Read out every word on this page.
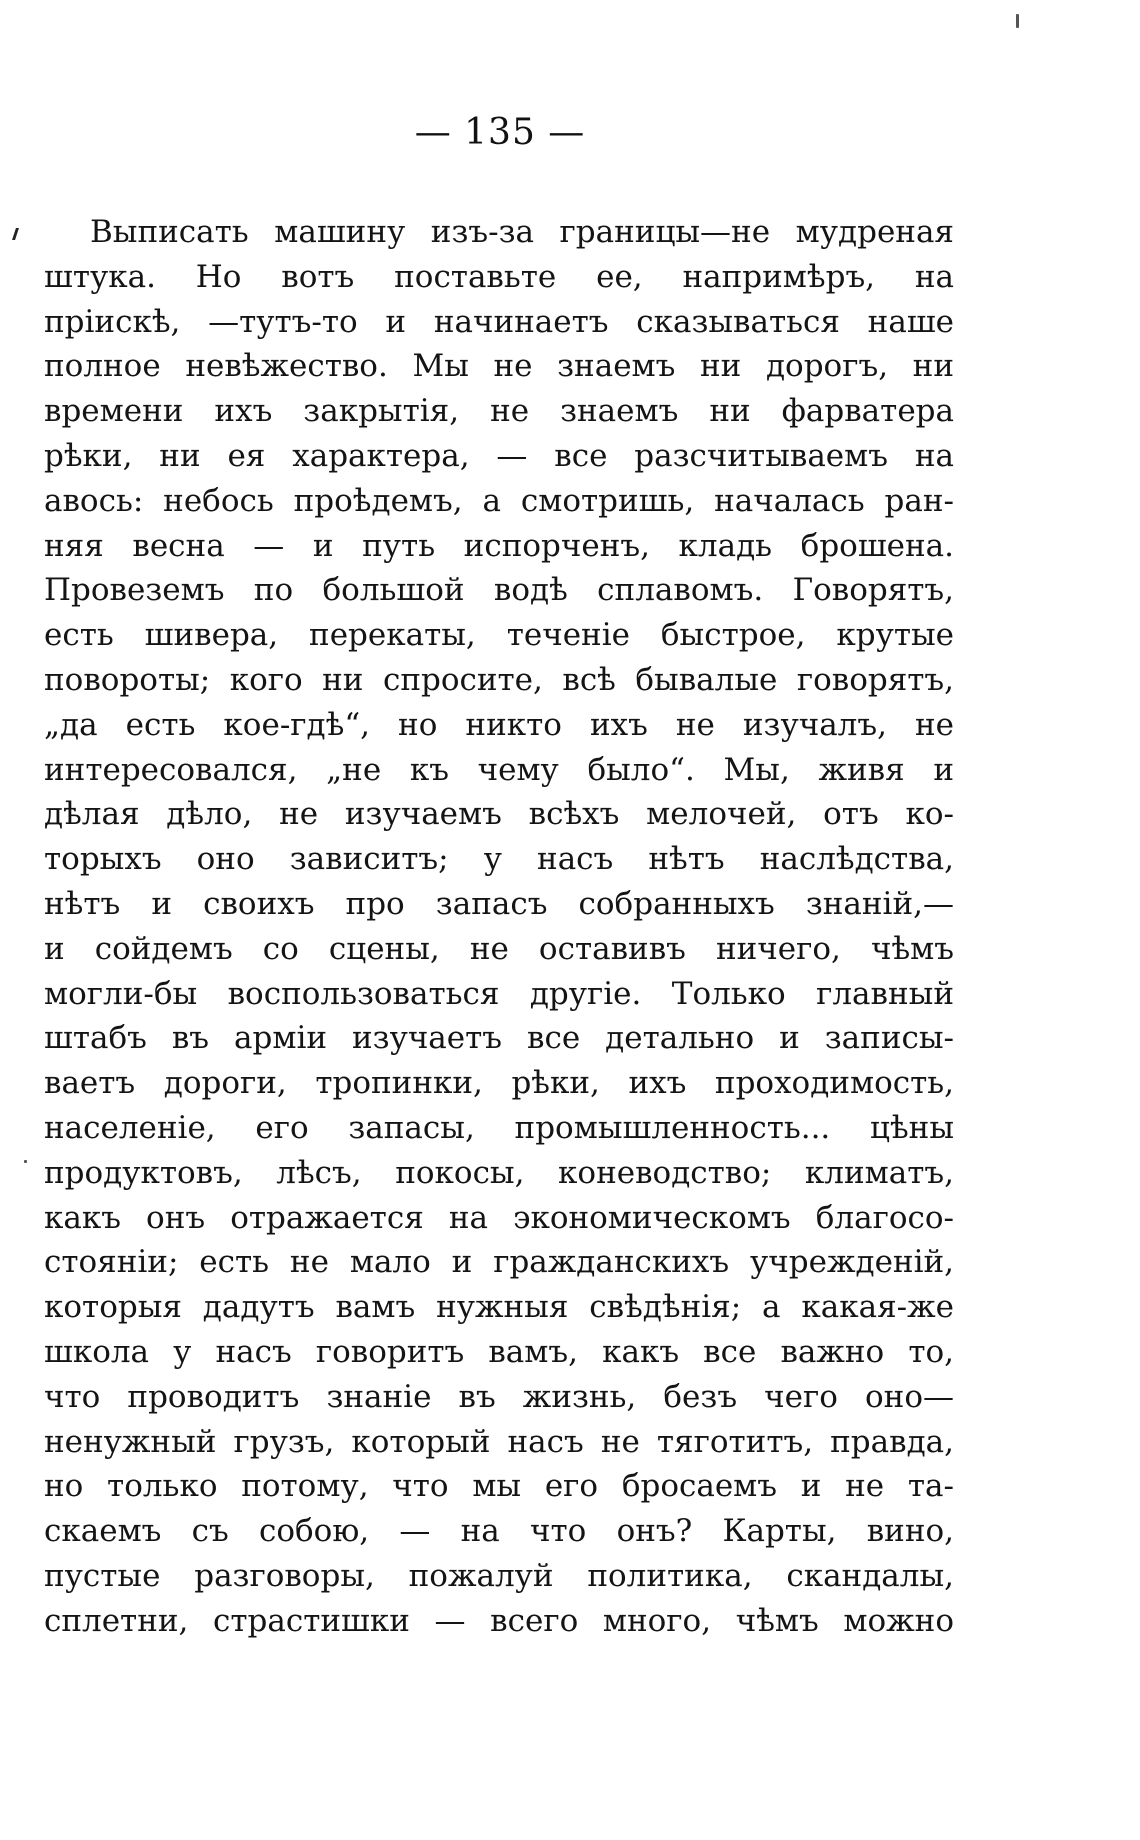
— 135 —
Выписать машину изъ-за границы—не мудреная
штука. Но вотъ поставьте ее, напримѣръ, на
пріискѣ, —тутъ-то и начинаетъ сказываться наше
полное невѣжество. Мы не знаемъ ни дорогъ, ни
времени ихъ закрытія, не знаемъ ни фарватера
рѣки, ни ея характера, — все разсчитываемъ на
авось: небось проѣдемъ, а смотришь, началась ран-
няя весна — и путь испорченъ, кладь брошена.
Провеземъ по большой водѣ сплавомъ. Говорятъ,
есть шивера, перекаты, теченіе быстрое, крутые
повороты; кого ни спросите, всѣ бывалые говорятъ,
„да есть кое-гдѣ“, но никто ихъ не изучалъ, не
интересовался, „не къ чему было“. Мы, живя и
дѣлая дѣло, не изучаемъ всѣхъ мелочей, отъ ко-
торыхъ оно зависитъ; у насъ нѣтъ наслѣдства,
нѣтъ и своихъ про запасъ собранныхъ знаній,—
и сойдемъ со сцены, не оставивъ ничего, чѣмъ
могли-бы воспользоваться другіе. Только главный
штабъ въ арміи изучаетъ все детально и записы-
ваетъ дороги, тропинки, рѣки, ихъ проходимость,
населеніе, его запасы, промышленность... цѣны
продуктовъ, лѣсъ, покосы, коневодство; климатъ,
какъ онъ отражается на экономическомъ благосо-
стояніи; есть не мало и гражданскихъ учрежденій,
которыя дадутъ вамъ нужныя свѣдѣнія; а какая-же
школа у насъ говоритъ вамъ, какъ все важно то,
что проводитъ знаніе въ жизнь, безъ чего оно—
ненужный грузъ, который насъ не тяготитъ, правда,
но только потому, что мы его бросаемъ и не та-
скаемъ съ собою, — на что онъ? Карты, вино,
пустые разговоры, пожалуй политика, скандалы,
сплетни, страстишки — всего много, чѣмъ можно
